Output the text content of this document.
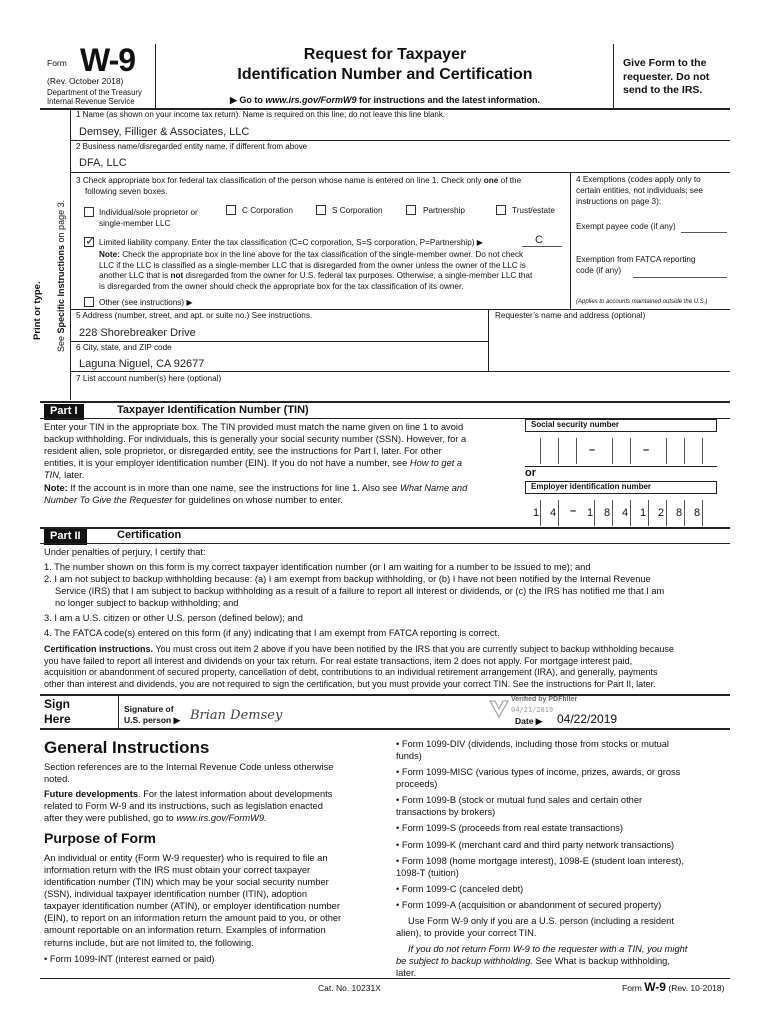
Form W-9
(Rev. October 2018)
Department of the Treasury
Internal Revenue Service
Request for Taxpayer
Identification Number and Certification
▶ Go to www.irs.gov/FormW9 for instructions and the latest information.
Give Form to the
requester. Do not
send to the IRS.
Print or type.
See Specific Instructions on page 3.
1 Name (as shown on your income tax return). Name is required on this line; do not leave this line blank.
Demsey, Filliger & Associates, LLC
2 Business name/disregarded entity name, if different from above
DFA, LLC
3 Check appropriate box for federal tax classification of the person whose name is entered on line 1. Check only one of the
following seven boxes.
Individual/sole proprietor or
single-member LLC
C Corporation	S Corporation	Partnership	Trust/estate
✓ Limited liability company. Enter the tax classification (C=C corporation, S=S corporation, P=Partnership) ▶	C
Note: Check the appropriate box in the line above for the tax classification of the single-member owner. Do not check
LLC if the LLC is classified as a single-member LLC that is disregarded from the owner unless the owner of the LLC is
another LLC that is not disregarded from the owner for U.S. federal tax purposes. Otherwise, a single-member LLC that
is disregarded from the owner should check the appropriate box for the tax classification of its owner.
Other (see instructions) ▶
4 Exemptions (codes apply only to
certain entities, not individuals; see
instructions on page 3):
Exempt payee code (if any)
Exemption from FATCA reporting
code (if any)
(Applies to accounts maintained outside the U.S.)
5 Address (number, street, and apt. or suite no.) See instructions.	Requester’s name and address (optional)
228 Shorebreaker Drive
6 City, state, and ZIP code
Laguna Niguel, CA 92677
7 List account number(s) here (optional)
Part I	Taxpayer Identification Number (TIN)
Enter your TIN in the appropriate box. The TIN provided must match the name given on line 1 to avoid
backup withholding. For individuals, this is generally your social security number (SSN). However, for a
resident alien, sole proprietor, or disregarded entity, see the instructions for Part I, later. For other
entities, it is your employer identification number (EIN). If you do not have a number, see How to get a
TIN, later.
Note: If the account is in more than one name, see the instructions for line 1. Also see What Name and
Number To Give the Requester for guidelines on whose number to enter.
Social security number
–	–
or
Employer identification number
1 4 – 1 8 4 1 2 8 8
Part II	Certification
Under penalties of perjury, I certify that:
1. The number shown on this form is my correct taxpayer identification number (or I am waiting for a number to be issued to me); and
2. I am not subject to backup withholding because: (a) I am exempt from backup withholding, or (b) I have not been notified by the Internal Revenue
Service (IRS) that I am subject to backup withholding as a result of a failure to report all interest or dividends, or (c) the IRS has notified me that I am
no longer subject to backup withholding; and
3. I am a U.S. citizen or other U.S. person (defined below); and
4. The FATCA code(s) entered on this form (if any) indicating that I am exempt from FATCA reporting is correct.
Certification instructions. You must cross out item 2 above if you have been notified by the IRS that you are currently subject to backup withholding because
you have failed to report all interest and dividends on your tax return. For real estate transactions, item 2 does not apply. For mortgage interest paid,
acquisition or abandonment of secured property, cancellation of debt, contributions to an individual retirement arrangement (IRA), and generally, payments
other than interest and dividends, you are not required to sign the certification, but you must provide your correct TIN. See the instructions for Part II, later.
Sign
Here
Signature of
U.S. person ▶ Brian Demsey
Verified by PDFfiller
04/21/2019
Date ▶ 04/22/2019
General Instructions
Section references are to the Internal Revenue Code unless otherwise
noted.
Future developments. For the latest information about developments
related to Form W-9 and its instructions, such as legislation enacted
after they were published, go to www.irs.gov/FormW9.
Purpose of Form
An individual or entity (Form W-9 requester) who is required to file an
information return with the IRS must obtain your correct taxpayer
identification number (TIN) which may be your social security number
(SSN), individual taxpayer identification number (ITIN), adoption
taxpayer identification number (ATIN), or employer identification number
(EIN), to report on an information return the amount paid to you, or other
amount reportable on an information return. Examples of information
returns include, but are not limited to, the following.
• Form 1099-INT (interest earned or paid)
• Form 1099-DIV (dividends, including those from stocks or mutual
funds)
• Form 1099-MISC (various types of income, prizes, awards, or gross
proceeds)
• Form 1099-B (stock or mutual fund sales and certain other
transactions by brokers)
• Form 1099-S (proceeds from real estate transactions)
• Form 1099-K (merchant card and third party network transactions)
• Form 1098 (home mortgage interest), 1098-E (student loan interest),
1098-T (tuition)
• Form 1099-C (canceled debt)
• Form 1099-A (acquisition or abandonment of secured property)
Use Form W-9 only if you are a U.S. person (including a resident
alien), to provide your correct TIN.
If you do not return Form W-9 to the requester with a TIN, you might
be subject to backup withholding. See What is backup withholding,
later.
Cat. No. 10231X	Form W-9 (Rev. 10-2018)
